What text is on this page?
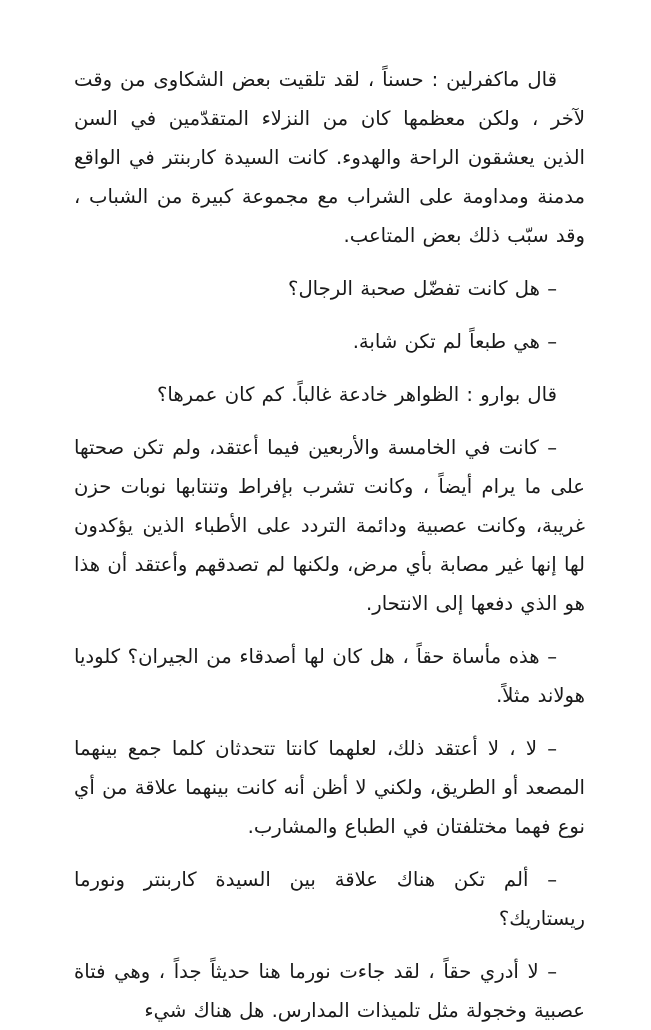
قال ماكفرلين : حسناً ، لقد تلقيت بعض الشكاوى من وقت لآخر ، ولكن معظمها كان من النزلاء المتقدّمين في السن الذين يعشقون الراحة والهدوء. كانت السيدة كاربنتر في الواقع مدمنة ومداومة على الشراب مع مجموعة كبيرة من الشباب ، وقد سبّب ذلك بعض المتاعب.

– هل كانت تفضّل صحبة الرجال؟

– هي طبعاً لم تكن شابة.

قال بوارو : الظواهر خادعة غالباً. كم كان عمرها؟

– كانت في الخامسة والأربعين فيما أعتقد، ولم تكن صحتها على ما يرام أيضاً ، وكانت تشرب بإفراط وتنتابها نوبات حزن غريبة، وكانت عصبية ودائمة التردد على الأطباء الذين يؤكدون لها إنها غير مصابة بأي مرض، ولكنها لم تصدقهم وأعتقد أن هذا هو الذي دفعها إلى الانتحار.

– هذه مأساة حقاً ، هل كان لها أصدقاء من الجيران؟ كلوديا هولاند مثلاً.

– لا ، لا أعتقد ذلك، لعلهما كانتا تتحدثان كلما جمع بينهما المصعد أو الطريق، ولكني لا أظن أنه كانت بينهما علاقة من أي نوع فهما مختلفتان في الطباع والمشارب.

– ألم تكن هناك علاقة بين السيدة كاربنتر ونورما ريستاريك؟

– لا أدري حقاً ، لقد جاءت نورما هنا حديثاً جداً ، وهي فتاة عصبية وخجولة مثل تلميذات المدارس. هل هناك شيء
